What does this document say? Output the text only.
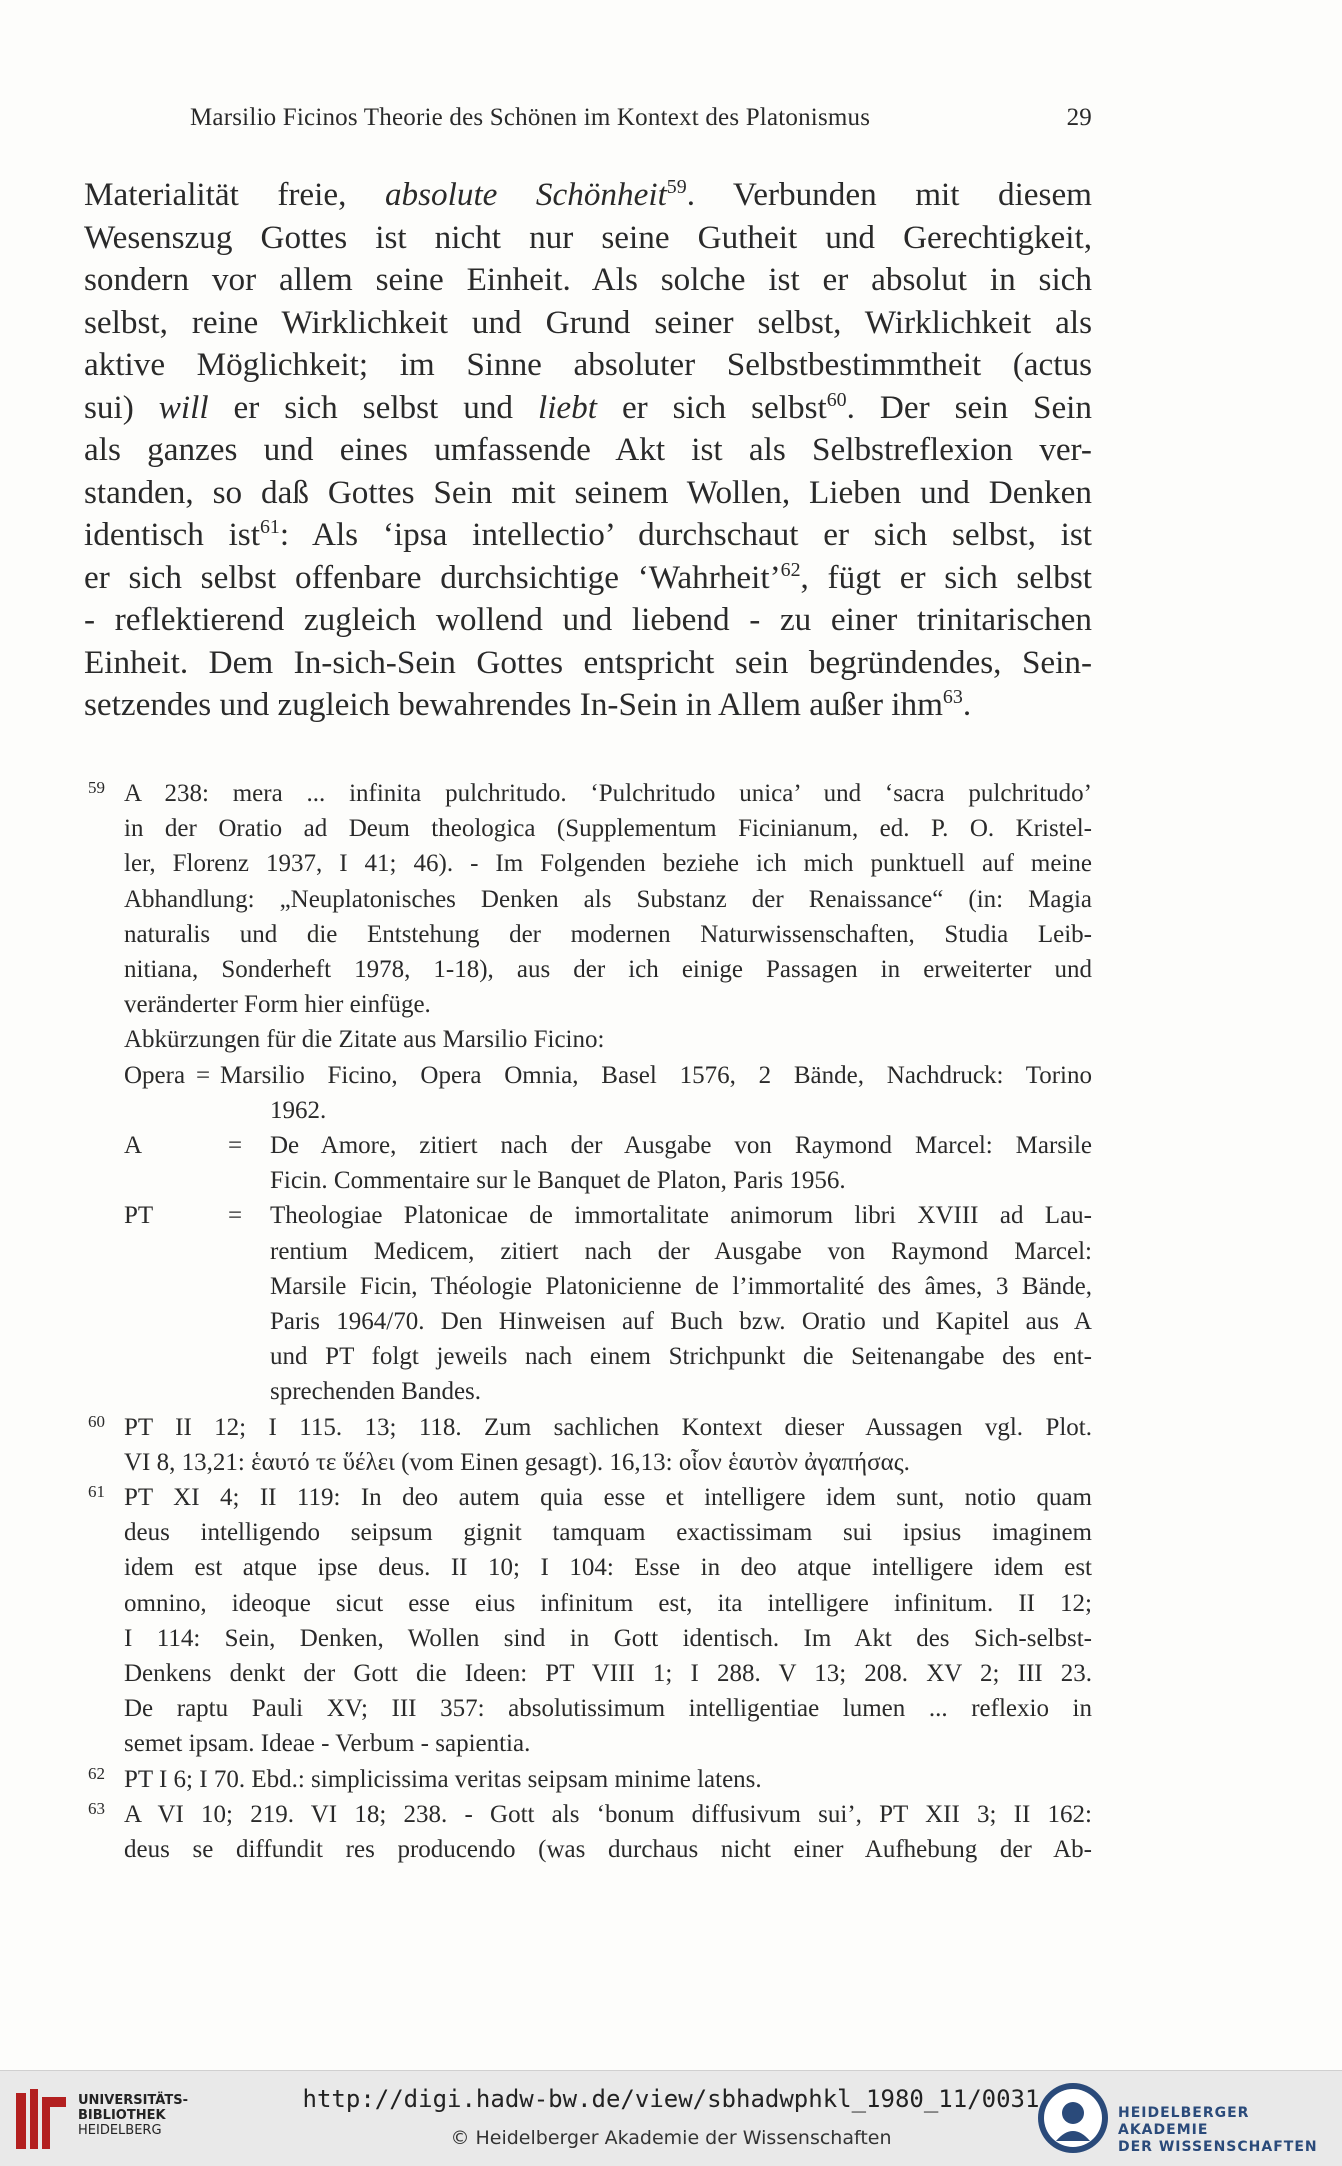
Marsilio Ficinos Theorie des Schönen im Kontext des Platonismus	29
Materialität freie, absolute Schönheit$^{59}$. Verbunden mit diesem
Wesenszug Gottes ist nicht nur seine Gutheit und Gerechtigkeit,
sondern vor allem seine Einheit. Als solche ist er absolut in sich
selbst, reine Wirklichkeit und Grund seiner selbst, Wirklichkeit als
aktive Möglichkeit; im Sinne absoluter Selbstbestimmtheit (actus
sui) will er sich selbst und liebt er sich selbst$^{60}$. Der sein Sein
als ganzes und eines umfassende Akt ist als Selbstreflexion ver-
standen, so daß Gottes Sein mit seinem Wollen, Lieben und Denken
identisch ist$^{61}$: Als ‘ipsa intellectio’ durchschaut er sich selbst, ist
er sich selbst offenbare durchsichtige ‘Wahrheit’$^{62}$, fügt er sich selbst
- reflektierend zugleich wollend und liebend - zu einer trinitarischen
Einheit. Dem In-sich-Sein Gottes entspricht sein begründendes, Sein-
setzendes und zugleich bewahrendes In-Sein in Allem außer ihm$^{63}$.
59 A 238: mera ... infinita pulchritudo. ‘Pulchritudo unica’ und ‘sacra pulchritudo’
in der Oratio ad Deum theologica (Supplementum Ficinianum, ed. P. O. Kristel-
ler, Florenz 1937, I 41; 46). - Im Folgenden beziehe ich mich punktuell auf meine
Abhandlung: „Neuplatonisches Denken als Substanz der Renaissance“ (in: Magia
naturalis und die Entstehung der modernen Naturwissenschaften, Studia Leib-
nitiana, Sonderheft 1978, 1-18), aus der ich einige Passagen in erweiterter und
veränderter Form hier einfüge.
Abkürzungen für die Zitate aus Marsilio Ficino:
Opera = Marsilio Ficino, Opera Omnia, Basel 1576, 2 Bände, Nachdruck: Torino
1962.
A	= De Amore, zitiert nach der Ausgabe von Raymond Marcel: Marsile
Ficin. Commentaire sur le Banquet de Platon, Paris 1956.
PT	= Theologiae Platonicae de immortalitate animorum libri XVIII ad Lau-
rentium Medicem, zitiert nach der Ausgabe von Raymond Marcel:
Marsile Ficin, Théologie Platonicienne de l’immortalité des âmes, 3 Bände,
Paris 1964/70. Den Hinweisen auf Buch bzw. Oratio und Kapitel aus A
und PT folgt jeweils nach einem Strichpunkt die Seitenangabe des ent-
sprechenden Bandes.
60 PT II 12; I 115. 13; 118. Zum sachlichen Kontext dieser Aussagen vgl. Plot.
VI 8, 13,21: ἑαυτό τε ὕέλει (vom Einen gesagt). 16,13: οἷον ἑαυτὸν ἀγαπήσας.
61 PT XI 4; II 119: In deo autem quia esse et intelligere idem sunt, notio quam
deus intelligendo seipsum gignit tamquam exactissimam sui ipsius imaginem
idem est atque ipse deus. II 10; I 104: Esse in deo atque intelligere idem est
omnino, ideoque sicut esse eius infinitum est, ita intelligere infinitum. II 12;
I 114: Sein, Denken, Wollen sind in Gott identisch. Im Akt des Sich-selbst-
Denkens denkt der Gott die Ideen: PT VIII 1; I 288. V 13; 208. XV 2; III 23.
De raptu Pauli XV; III 357: absolutissimum intelligentiae lumen ... reflexio in
semet ipsam. Ideae - Verbum - sapientia.
62 PT I 6; I 70. Ebd.: simplicissima veritas seipsam minime latens.
63 A VI 10; 219. VI 18; 238. - Gott als ‘bonum diffusivum sui’, PT XII 3; II 162:
deus se diffundit res producendo (was durchaus nicht einer Aufhebung der Ab-
UNIVERSITÄTS-
BIBLIOTHEK
HEIDELBERG
http://digi.hadw-bw.de/view/sbhadwphkl_1980_11/0031
© Heidelberger Akademie der Wissenschaften
HEIDELBERGER AKADEMIE
DER WISSENSCHAFTEN
